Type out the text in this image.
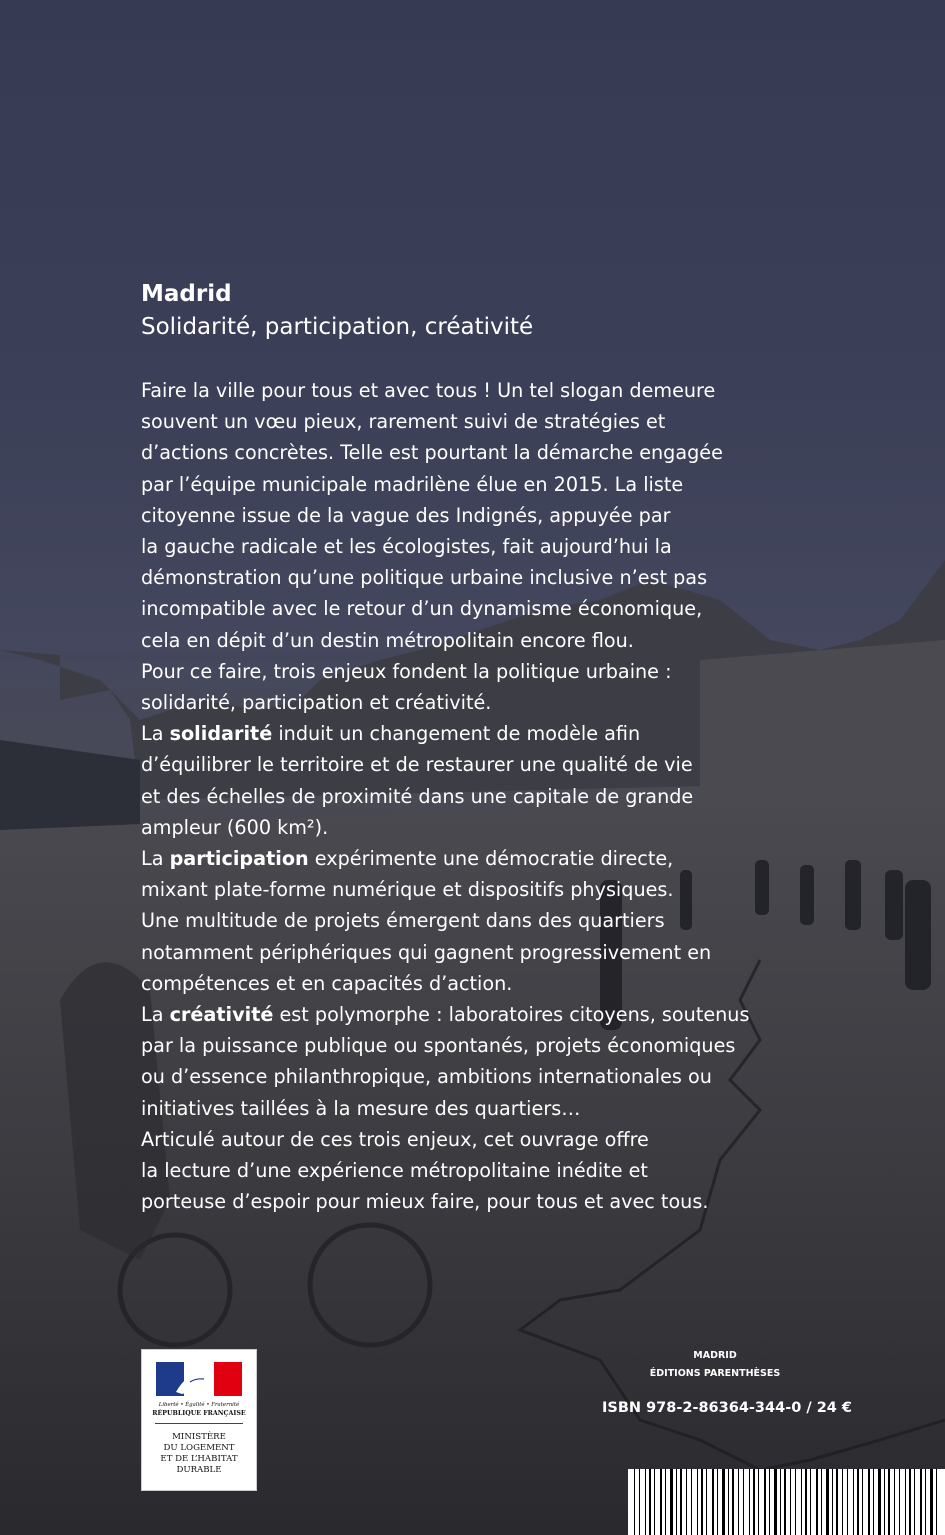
Madrid
Solidarité, participation, créativité

Faire la ville pour tous et avec tous ! Un tel slogan demeure

souvent un vœu pieux, rarement suivi de stratégies et

d’actions concrètes. Telle est pourtant la démarche engagée

par l’équipe municipale madrilène élue en 2015. La liste

citoyenne issue de la vague des Indignés, appuyée par

la gauche radicale et les écologistes, fait aujourd’hui la

démonstration qu’une politique urbaine inclusive n’est pas

incompatible avec le retour d’un dynamisme économique,

cela en dépit d’un destin métropolitain encore flou.

Pour ce faire, trois enjeux fondent la politique urbaine :

solidarité, participation et créativité.

La solidarité induit un changement de modèle afin

d’équilibrer le territoire et de restaurer une qualité de vie

et des échelles de proximité dans une capitale de grande

ampleur (600 km²).

La participation expérimente une démocratie directe,

mixant plate-forme numérique et dispositifs physiques.

Une multitude de projets émergent dans des quartiers

notamment périphériques qui gagnent progressivement en

compétences et en capacités d’action.

La créativité est polymorphe : laboratoires citoyens, soutenus

par la puissance publique ou spontanés, projets économiques

ou d’essence philanthropique, ambitions internationales ou

initiatives taillées à la mesure des quartiers…

Articulé autour de ces trois enjeux, cet ouvrage offre

la lecture d’une expérience métropolitaine inédite et

porteuse d’espoir pour mieux faire, pour tous et avec tous.

Liberté • Égalité • Fraternité
RÉPUBLIQUE FRANÇAISE
MINISTÈRE
DU LOGEMENT
ET DE L’HABITAT
DURABLE
MADRID
ÉDITIONS PARENTHÈSES
ISBN 978-2-86364-344-0 / 24 €
